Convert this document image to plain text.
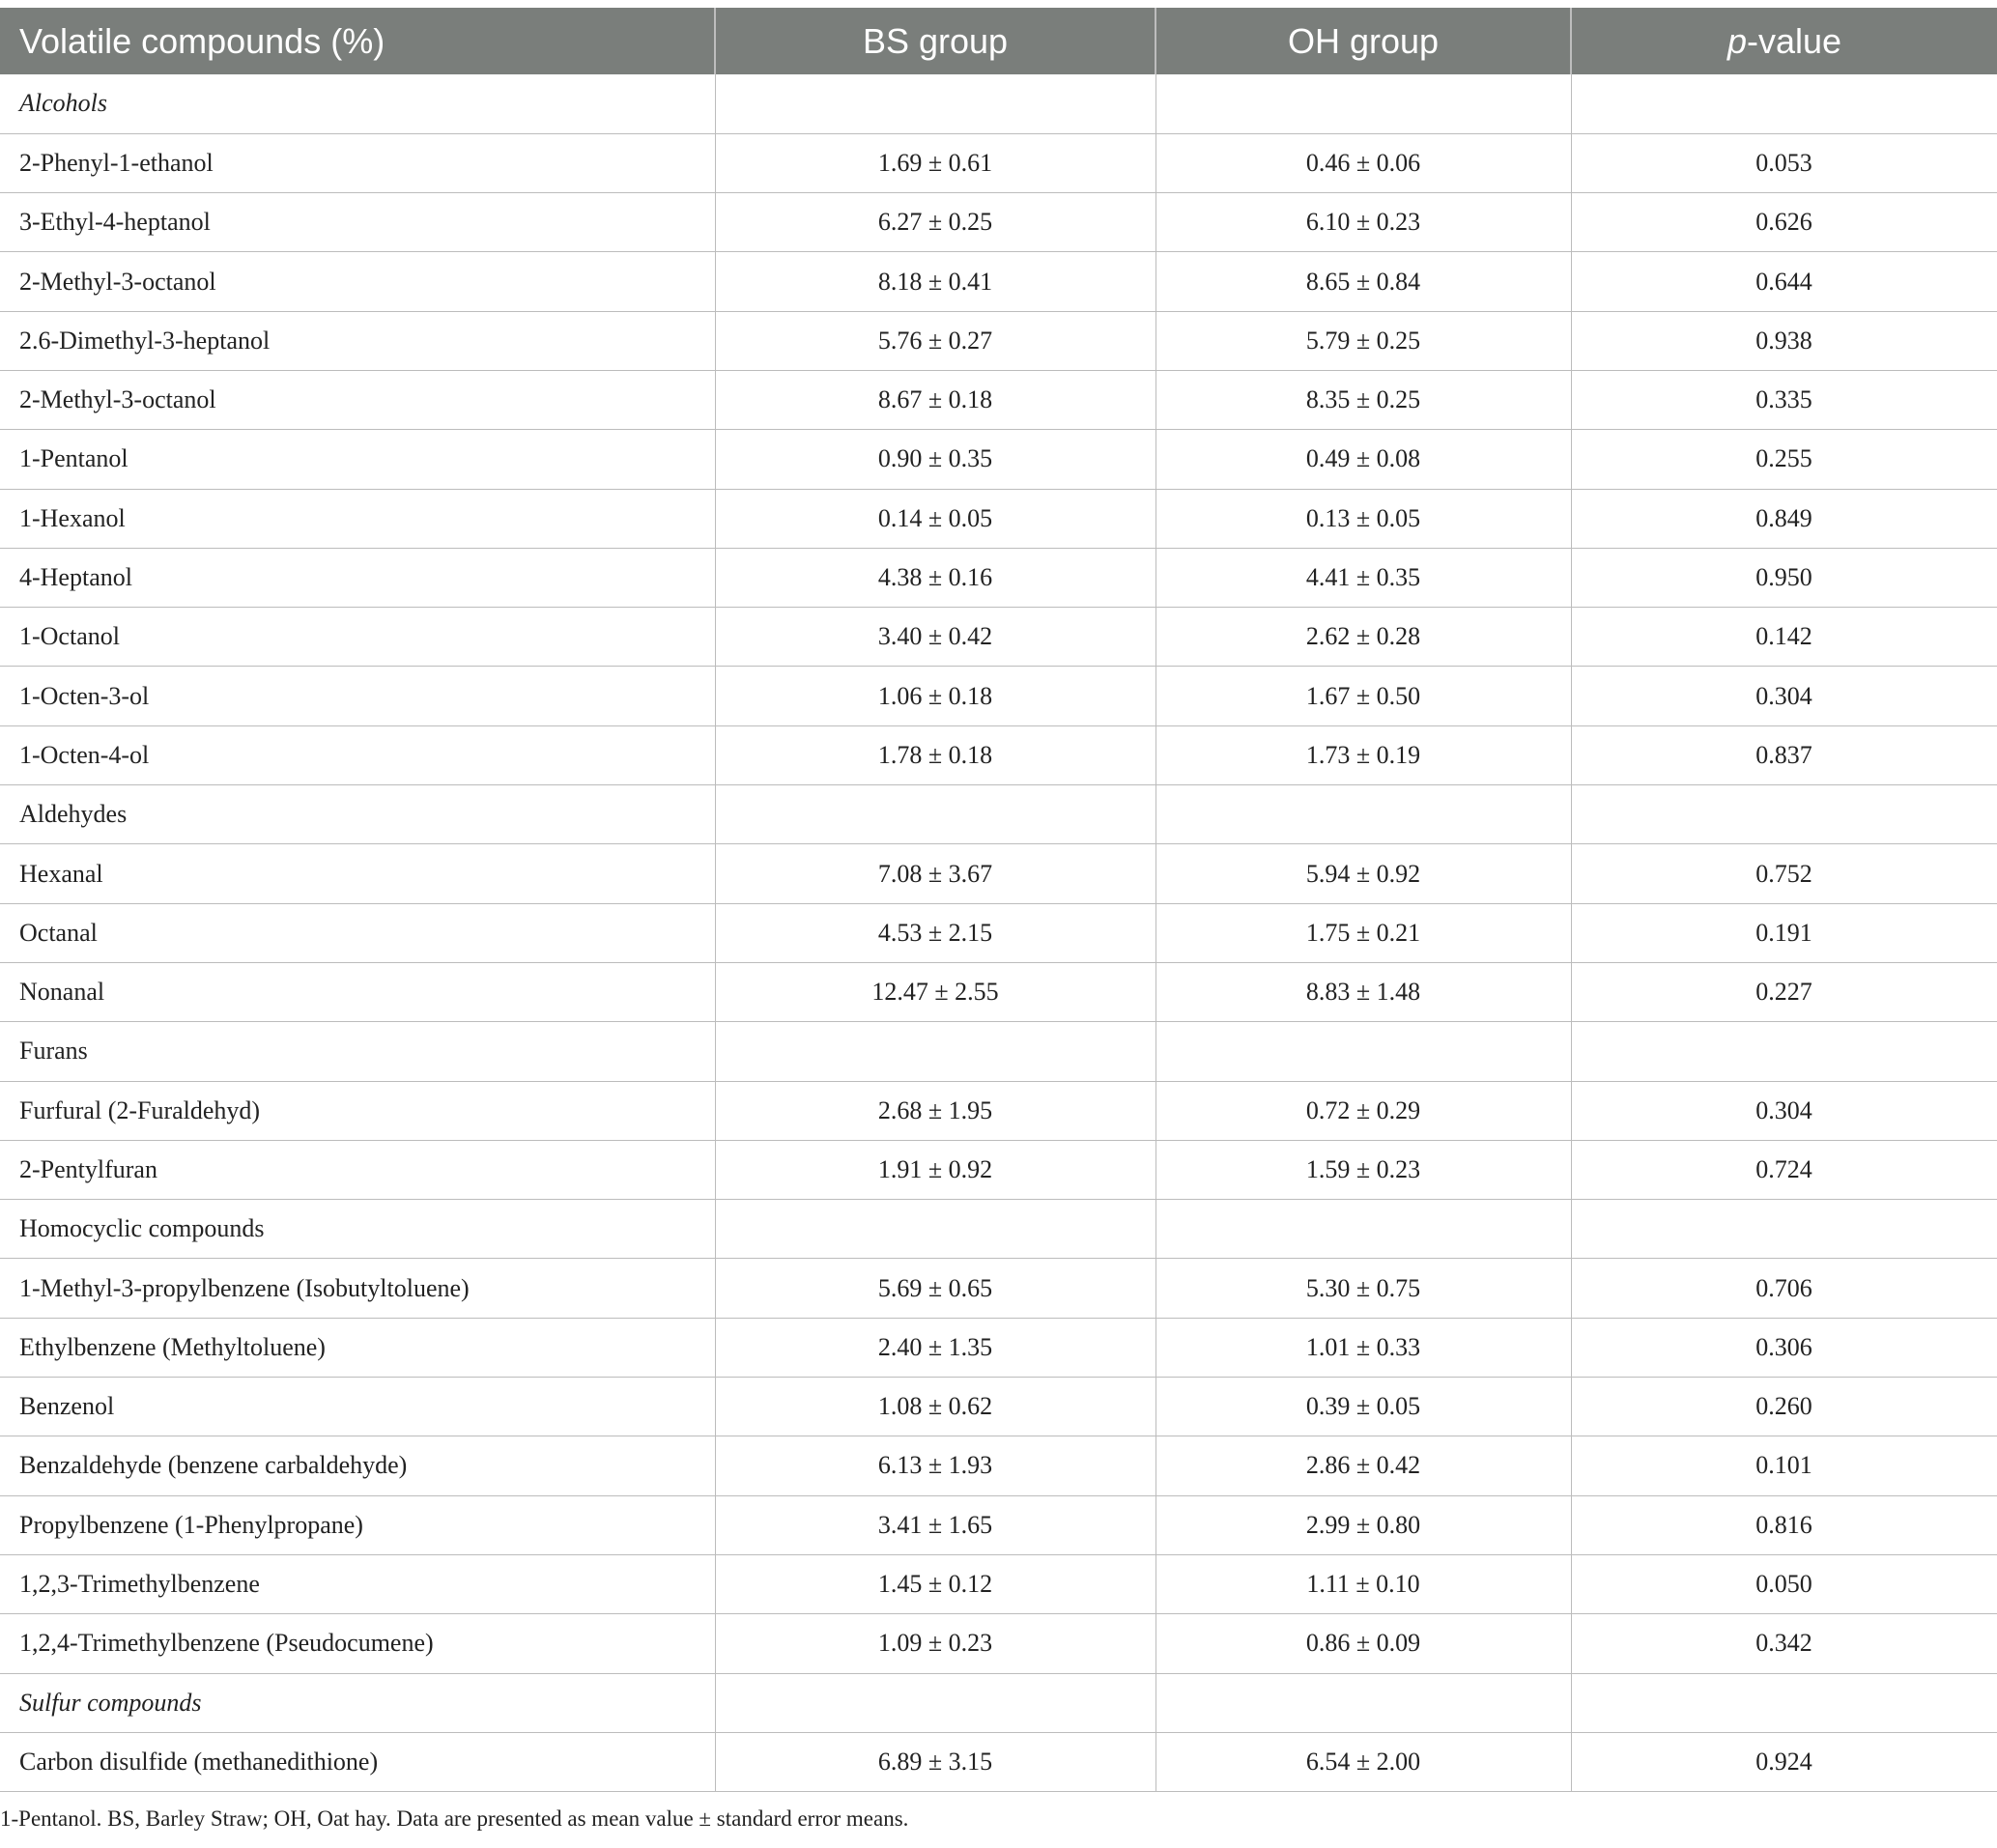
Volatile compounds (%)	BS group	OH group	p-value
Alcohols			
2-Phenyl-1-ethanol	1.69 ± 0.61	0.46 ± 0.06	0.053
3-Ethyl-4-heptanol	6.27 ± 0.25	6.10 ± 0.23	0.626
2-Methyl-3-octanol	8.18 ± 0.41	8.65 ± 0.84	0.644
2.6-Dimethyl-3-heptanol	5.76 ± 0.27	5.79 ± 0.25	0.938
2-Methyl-3-octanol	8.67 ± 0.18	8.35 ± 0.25	0.335
1-Pentanol	0.90 ± 0.35	0.49 ± 0.08	0.255
1-Hexanol	0.14 ± 0.05	0.13 ± 0.05	0.849
4-Heptanol	4.38 ± 0.16	4.41 ± 0.35	0.950
1-Octanol	3.40 ± 0.42	2.62 ± 0.28	0.142
1-Octen-3-ol	1.06 ± 0.18	1.67 ± 0.50	0.304
1-Octen-4-ol	1.78 ± 0.18	1.73 ± 0.19	0.837
Aldehydes			
Hexanal	7.08 ± 3.67	5.94 ± 0.92	0.752
Octanal	4.53 ± 2.15	1.75 ± 0.21	0.191
Nonanal	12.47 ± 2.55	8.83 ± 1.48	0.227
Furans			
Furfural (2-Furaldehyd)	2.68 ± 1.95	0.72 ± 0.29	0.304
2-Pentylfuran	1.91 ± 0.92	1.59 ± 0.23	0.724
Homocyclic compounds			
1-Methyl-3-propylbenzene (Isobutyltoluene)	5.69 ± 0.65	5.30 ± 0.75	0.706
Ethylbenzene (Methyltoluene)	2.40 ± 1.35	1.01 ± 0.33	0.306
Benzenol	1.08 ± 0.62	0.39 ± 0.05	0.260
Benzaldehyde (benzene carbaldehyde)	6.13 ± 1.93	2.86 ± 0.42	0.101
Propylbenzene (1-Phenylpropane)	3.41 ± 1.65	2.99 ± 0.80	0.816
1,2,3-Trimethylbenzene	1.45 ± 0.12	1.11 ± 0.10	0.050
1,2,4-Trimethylbenzene (Pseudocumene)	1.09 ± 0.23	0.86 ± 0.09	0.342
Sulfur compounds			
Carbon disulfide (methanedithione)	6.89 ± 3.15	6.54 ± 2.00	0.924
1-Pentanol. BS, Barley Straw; OH, Oat hay. Data are presented as mean value ± standard error means.
